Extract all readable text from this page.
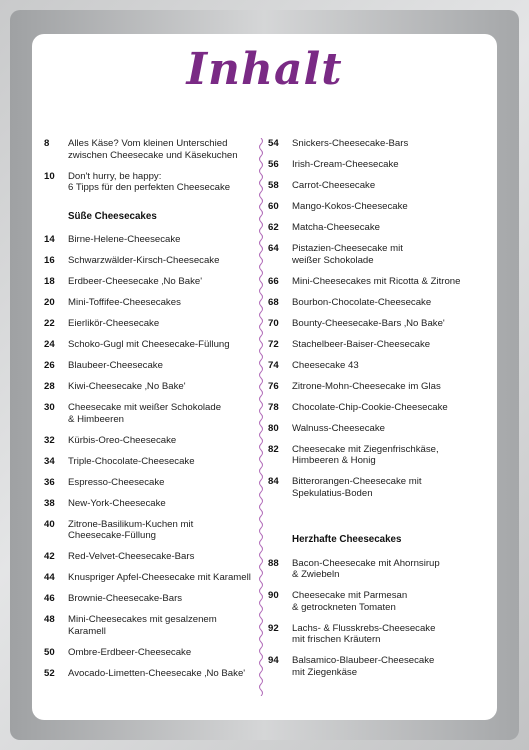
Inhalt
8	Alles Käse? Vom kleinen Unterschied
zwischen Cheesecake und Käsekuchen
10	Don't hurry, be happy:
6 Tipps für den perfekten Cheesecake
Süße Cheesecakes
14	Birne-Helene-Cheesecake
16	Schwarzwälder-Kirsch-Cheesecake
18	Erdbeer-Cheesecake ‚No Bake'
20	Mini-Toffifee-Cheesecakes
22	Eierlikör-Cheesecake
24	Schoko-Gugl mit Cheesecake-Füllung
26	Blaubeer-Cheesecake
28	Kiwi-Cheesecake ‚No Bake'
30	Cheesecake mit weißer Schokolade
& Himbeeren
32	Kürbis-Oreo-Cheesecake
34	Triple-Chocolate-Cheesecake
36	Espresso-Cheesecake
38	New-York-Cheesecake
40	Zitrone-Basilikum-Kuchen mit
Cheesecake-Füllung
42	Red-Velvet-Cheesecake-Bars
44	Knuspriger Apfel-Cheesecake mit Karamell
46	Brownie-Cheesecake-Bars
48	Mini-Cheesecakes mit gesalzenem Karamell
50	Ombre-Erdbeer-Cheesecake
52	Avocado-Limetten-Cheesecake ‚No Bake'
54	Snickers-Cheesecake-Bars
56	Irish-Cream-Cheesecake
58	Carrot-Cheesecake
60	Mango-Kokos-Cheesecake
62	Matcha-Cheesecake
64	Pistazien-Cheesecake mit
weißer Schokolade
66	Mini-Cheesecakes mit Ricotta & Zitrone
68	Bourbon-Chocolate-Cheesecake
70	Bounty-Cheesecake-Bars ‚No Bake'
72	Stachelbeer-Baiser-Cheesecake
74	Cheesecake 43
76	Zitrone-Mohn-Cheesecake im Glas
78	Chocolate-Chip-Cookie-Cheesecake
80	Walnuss-Cheesecake
82	Cheesecake mit Ziegenfrischkäse,
Himbeeren & Honig
84	Bitterorangen-Cheesecake mit
Spekulatius-Boden
Herzhafte Cheesecakes
88	Bacon-Cheesecake mit Ahornsirup
& Zwiebeln
90	Cheesecake mit Parmesan
& getrockneten Tomaten
92	Lachs- & Flusskrebs-Cheesecake
mit frischen Kräutern
94	Balsamico-Blaubeer-Cheesecake
mit Ziegenkäse
